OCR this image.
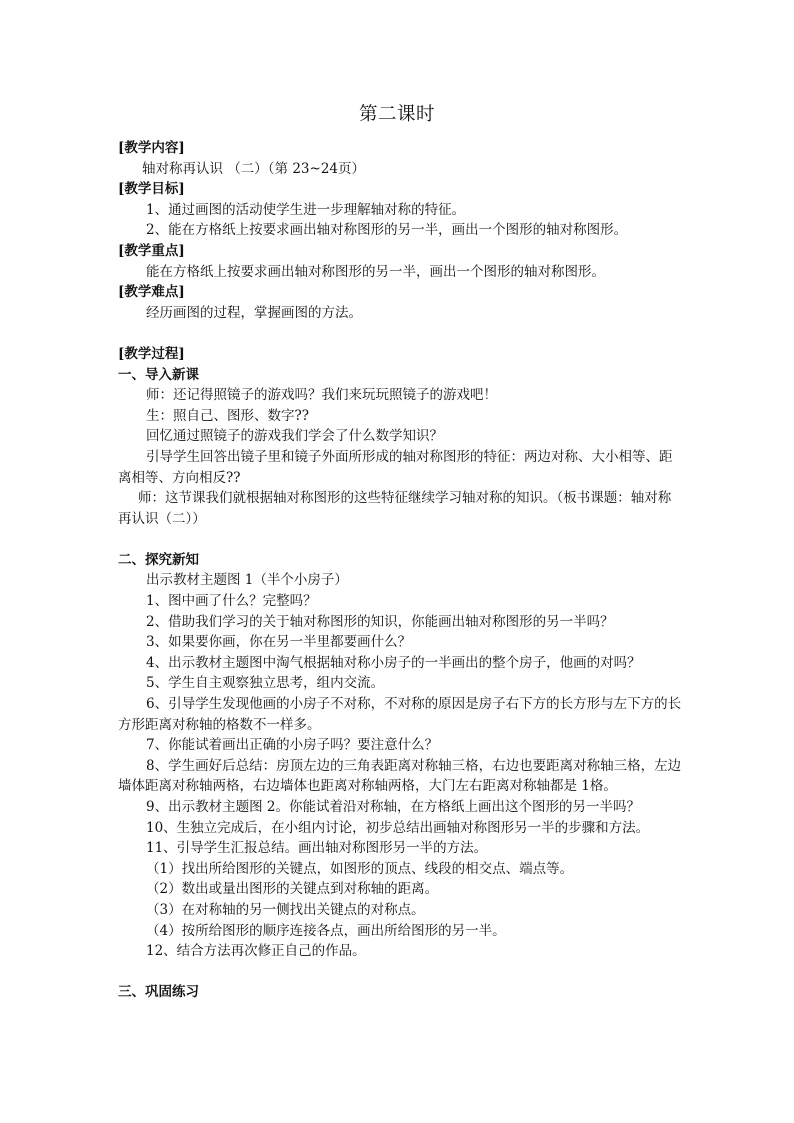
第二课时
[教学内容]
轴对称再认识 （二）（第 23~24页）
[教学目标]
1、通过画图的活动使学生进一步理解轴对称的特征。
2、能在方格纸上按要求画出轴对称图形的另一半，画出一个图形的轴对称图形。
[教学重点]
能在方格纸上按要求画出轴对称图形的另一半，画出一个图形的轴对称图形。
[教学难点]
经历画图的过程，掌握画图的方法。
[教学过程]
一、导入新课
师：还记得照镜子的游戏吗？我们来玩玩照镜子的游戏吧！
生：照自己、图形、数字??
回忆通过照镜子的游戏我们学会了什么数学知识？
引导学生回答出镜子里和镜子外面所形成的轴对称图形的特征：两边对称、大小相等、距离相等、方向相反??
师：这节课我们就根据轴对称图形的这些特征继续学习轴对称的知识。（板书课题：轴对称再认识（二））
二、探究新知
出示教材主题图 1（半个小房子）
1、图中画了什么？完整吗？
2、借助我们学习的关于轴对称图形的知识，你能画出轴对称图形的另一半吗？
3、如果要你画，你在另一半里都要画什么？
4、出示教材主题图中淘气根据轴对称小房子的一半画出的整个房子，他画的对吗？
5、学生自主观察独立思考，组内交流。
6、引导学生发现他画的小房子不对称，不对称的原因是房子右下方的长方形与左下方的长方形距离对称轴的格数不一样多。
7、你能试着画出正确的小房子吗？要注意什么？
8、学生画好后总结：房顶左边的三角表距离对称轴三格，右边也要距离对称轴三格，左边墙体距离对称轴两格，右边墙体也距离对称轴两格，大门左右距离对称轴都是 1格。
9、出示教材主题图 2。你能试着沿对称轴，在方格纸上画出这个图形的另一半吗？
10、生独立完成后，在小组内讨论，初步总结出画轴对称图形另一半的步骤和方法。
11、引导学生汇报总结。画出轴对称图形另一半的方法。
（1）找出所给图形的关键点，如图形的顶点、线段的相交点、端点等。
（2）数出或量出图形的关键点到对称轴的距离。
（3）在对称轴的另一侧找出关键点的对称点。
（4）按所给图形的顺序连接各点，画出所给图形的另一半。
12、结合方法再次修正自己的作品。
三、巩固练习
